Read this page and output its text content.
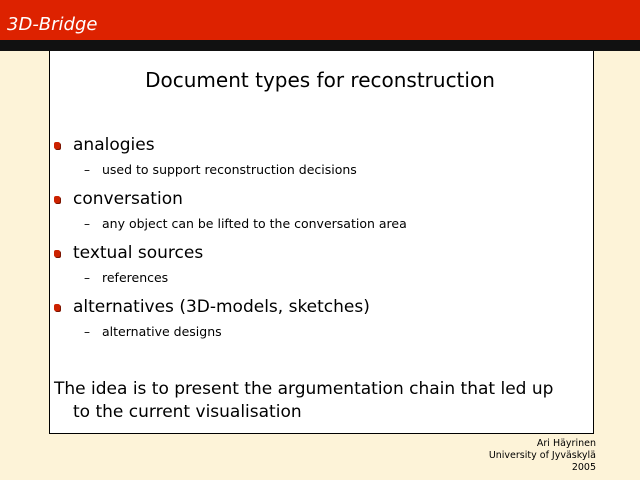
3D-Bridge
Document types for reconstruction
analogies
– used to support reconstruction decisions
conversation
– any object can be lifted to the conversation area
textual sources
– references
alternatives (3D-models, sketches)
– alternative designs
The idea is to present the argumentation chain that led up
to the current visualisation
Ari Häyrinen
University of Jyväskylä
2005
